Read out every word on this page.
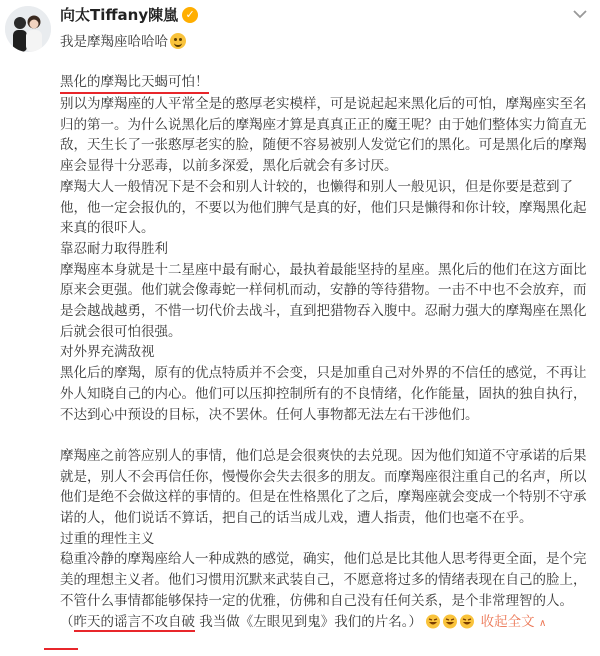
向太Tiffany陳嵐 ✓
我是摩羯座哈哈哈

黑化的摩羯比天蝎可怕！

别以为摩羯座的人平常全是的憨厚老实模样，可是说起起来黑化后的可怕，摩羯座实至名归的第一。为什么说黑化后的摩羯座才算是真真正正的魔王呢？由于她们整体实力简直无敌，天生长了一张憨厚老实的脸，随便不容易被别人发觉它们的黑化。可是黑化后的摩羯座会显得十分恶毒，以前多深爱，黑化后就会有多讨厌。

摩羯大人一般情况下是不会和别人计较的，也懒得和别人一般见识，但是你要是惹到了他，他一定会报仇的，不要以为他们脾气是真的好，他们只是懒得和你计较，摩羯黑化起来真的很吓人。

靠忍耐力取得胜利

摩羯座本身就是十二星座中最有耐心，最执着最能坚持的星座。黑化后的他们在这方面比原来会更强。他们就会像毒蛇一样伺机而动，安静的等待猎物。一击不中也不会放弃，而是会越战越勇，不惜一切代价去战斗，直到把猎物吞入腹中。忍耐力强大的摩羯座在黑化后就会很可怕很强。

对外界充满敌视

黑化后的摩羯，原有的优点特质并不会变，只是加重自己对外界的不信任的感觉，不再让外人知晓自己的内心。他们可以压抑控制所有的不良情绪，化作能量，固执的独自执行，不达到心中预设的目标，决不罢休。任何人事物都无法左右干涉他们。

摩羯座之前答应别人的事情，他们总是会很爽快的去兑现。因为他们知道不守承诺的后果就是，别人不会再信任你，慢慢你会失去很多的朋友。而摩羯座很注重自己的名声，所以他们是绝不会做这样的事情的。但是在性格黑化了之后，摩羯座就会变成一个特别不守承诺的人，他们说话不算话，把自己的话当成儿戏，遭人指责，他们也毫不在乎。

过重的理性主义

稳重冷静的摩羯座给人一种成熟的感觉，确实，他们总是比其他人思考得更全面，是个完美的理想主义者。他们习惯用沉默来武装自己，不愿意将过多的情绪表现在自己的脸上，不管什么事情都能够保持一定的优雅，仿佛和自己没有任何关系，是个非常理智的人。（昨天的谣言不攻自破 我当做《左眼见到鬼》我们的片名。）	收起全文 ∧
